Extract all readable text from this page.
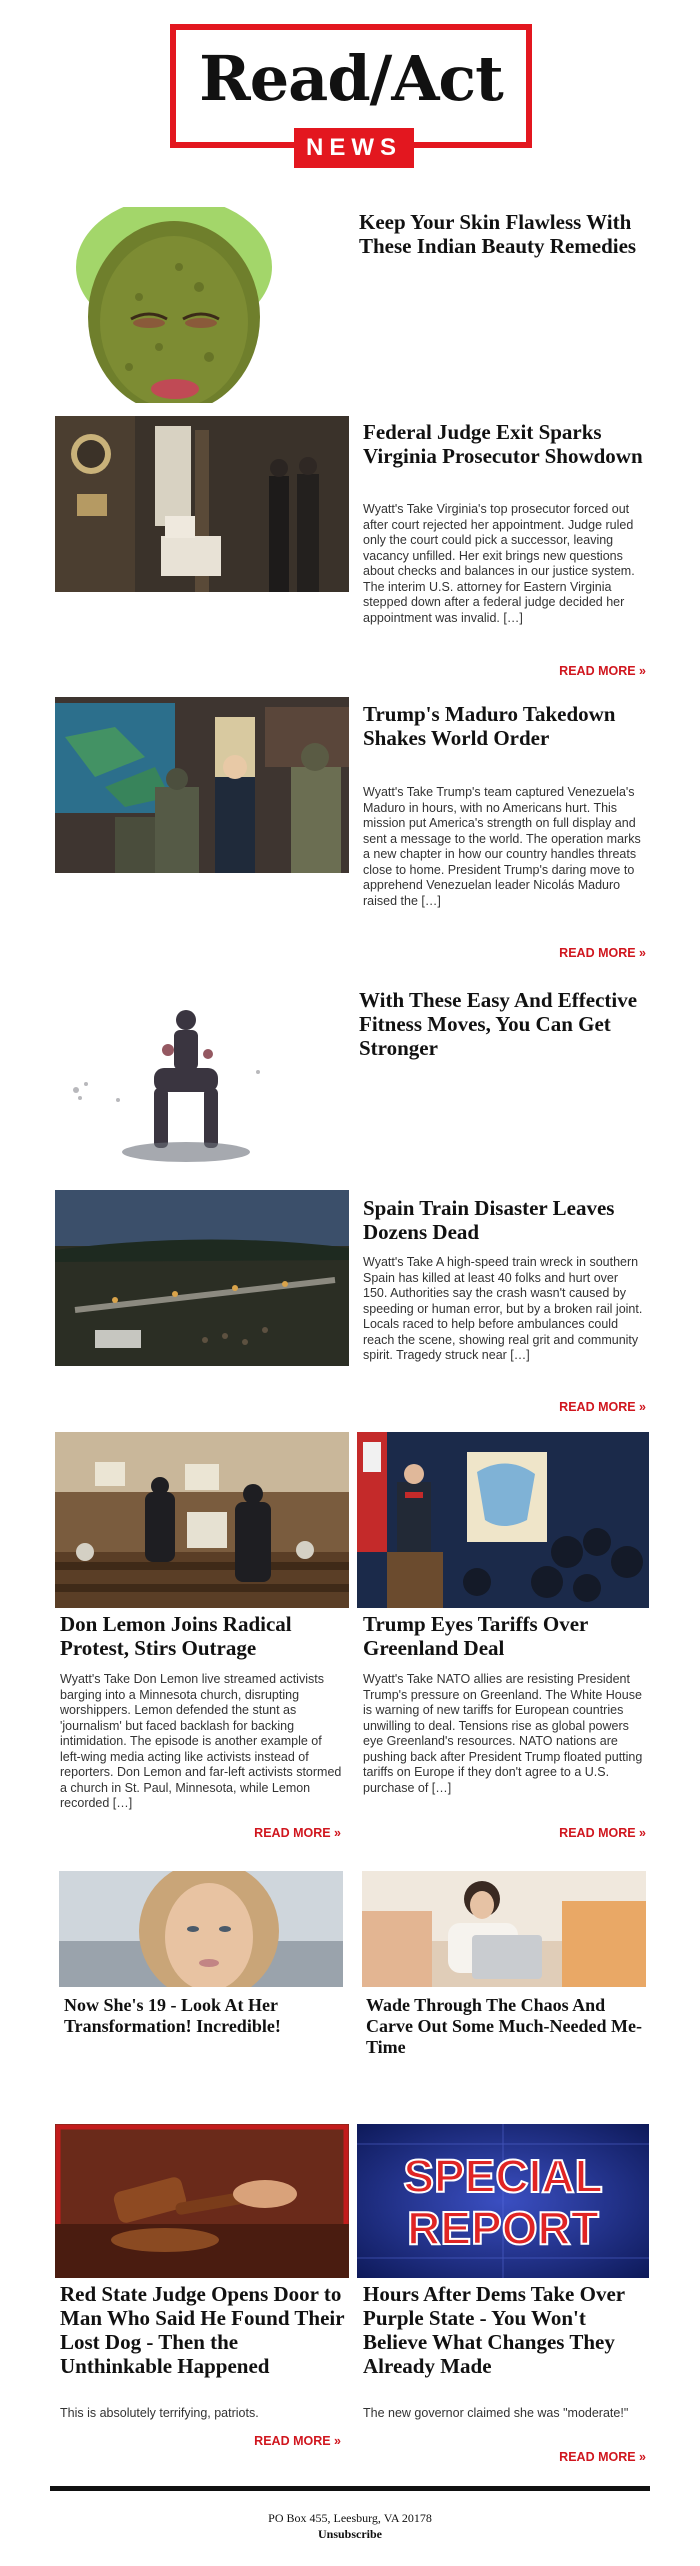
Read/Act
NEWS
Keep Your Skin Flawless With These Indian Beauty Remedies
Federal Judge Exit Sparks Virginia Prosecutor Showdown
Wyatt's Take Virginia's top prosecutor forced out after court rejected her appointment. Judge ruled only the court could pick a successor, leaving vacancy unfilled. Her exit brings new questions about checks and balances in our justice system. The interim U.S. attorney for Eastern Virginia stepped down after a federal judge decided her appointment was invalid. […]
READ MORE »
Trump's Maduro Takedown Shakes World Order
Wyatt's Take Trump's team captured Venezuela's Maduro in hours, with no Americans hurt. This mission put America's strength on full display and sent a message to the world. The operation marks a new chapter in how our country handles threats close to home. President Trump's daring move to apprehend Venezuelan leader Nicolás Maduro raised the […]
READ MORE »
With These Easy And Effective Fitness Moves, You Can Get Stronger
Spain Train Disaster Leaves Dozens Dead
Wyatt's Take A high-speed train wreck in southern Spain has killed at least 40 folks and hurt over 150. Authorities say the crash wasn't caused by speeding or human error, but by a broken rail joint. Locals raced to help before ambulances could reach the scene, showing real grit and community spirit. Tragedy struck near […]
READ MORE »
Don Lemon Joins Radical Protest, Stirs Outrage
Wyatt's Take Don Lemon live streamed activists barging into a Minnesota church, disrupting worshippers. Lemon defended the stunt as 'journalism' but faced backlash for backing intimidation. The episode is another example of left-wing media acting like activists instead of reporters. Don Lemon and far-left activists stormed a church in St. Paul, Minnesota, while Lemon recorded […]
READ MORE »
Trump Eyes Tariffs Over Greenland Deal
Wyatt's Take NATO allies are resisting President Trump's pressure on Greenland. The White House is warning of new tariffs for European countries unwilling to deal. Tensions rise as global powers eye Greenland's resources. NATO nations are pushing back after President Trump floated putting tariffs on Europe if they don't agree to a U.S. purchase of […]
READ MORE »
Now She's 19 - Look At Her Transformation! Incredible!
Wade Through The Chaos And Carve Out Some Much-Needed Me-Time
Red State Judge Opens Door to Man Who Said He Found Their Lost Dog - Then the Unthinkable Happened
This is absolutely terrifying, patriots.
READ MORE »
SPECIAL
REPORT
Hours After Dems Take Over Purple State - You Won't Believe What Changes They Already Made
The new governor claimed she was "moderate!"
READ MORE »
PO Box 455, Leesburg, VA 20178
Unsubscribe
